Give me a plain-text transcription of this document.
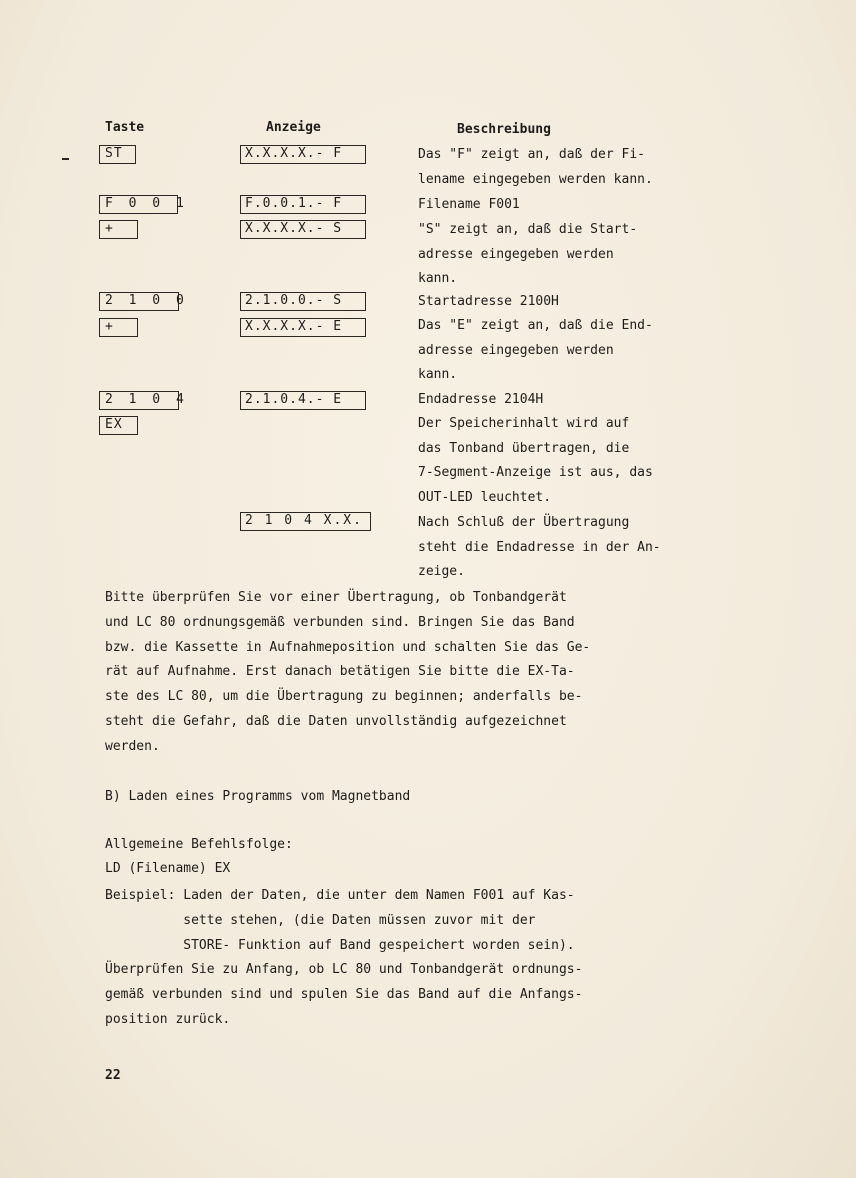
Taste	Anzeige	Beschreibung
ST
F 0 0 1
+
2 1 0 0
+
2 1 0 4
EX
X.X.X.X.- F
F.0.0.1.- F
X.X.X.X.- S
2.1.0.0.- S
X.X.X.X.- E
2.1.0.4.- E
2 1 0 4 X.X.
Das "F" zeigt an, daß der Fi-
lename eingegeben werden kann.
Filename F001
"S" zeigt an, daß die Start-
adresse eingegeben werden
kann.
Startadresse 2100H
Das "E" zeigt an, daß die End-
adresse eingegeben werden
kann.
Endadresse 2104H
Der Speicherinhalt wird auf
das Tonband übertragen, die
7-Segment-Anzeige ist aus, das
OUT-LED leuchtet.
Nach Schluß der Übertragung
steht die Endadresse in der An-
zeige.
Bitte überprüfen Sie vor einer Übertragung, ob Tonbandgerät
und LC 80 ordnungsgemäß verbunden sind. Bringen Sie das Band
bzw. die Kassette in Aufnahmeposition und schalten Sie das Ge-
rät auf Aufnahme. Erst danach betätigen Sie bitte die EX-Ta-
ste des LC 80, um die Übertragung zu beginnen; anderfalls be-
steht die Gefahr, daß die Daten unvollständig aufgezeichnet
werden.
B) Laden eines Programms vom Magnetband
Allgemeine Befehlsfolge:
LD (Filename) EX
Beispiel: Laden der Daten, die unter dem Namen F001 auf Kas-
sette stehen, (die Daten müssen zuvor mit der
STORE- Funktion auf Band gespeichert worden sein).
Überprüfen Sie zu Anfang, ob LC 80 und Tonbandgerät ordnungs-
gemäß verbunden sind und spulen Sie das Band auf die Anfangs-
position zurück.
22
